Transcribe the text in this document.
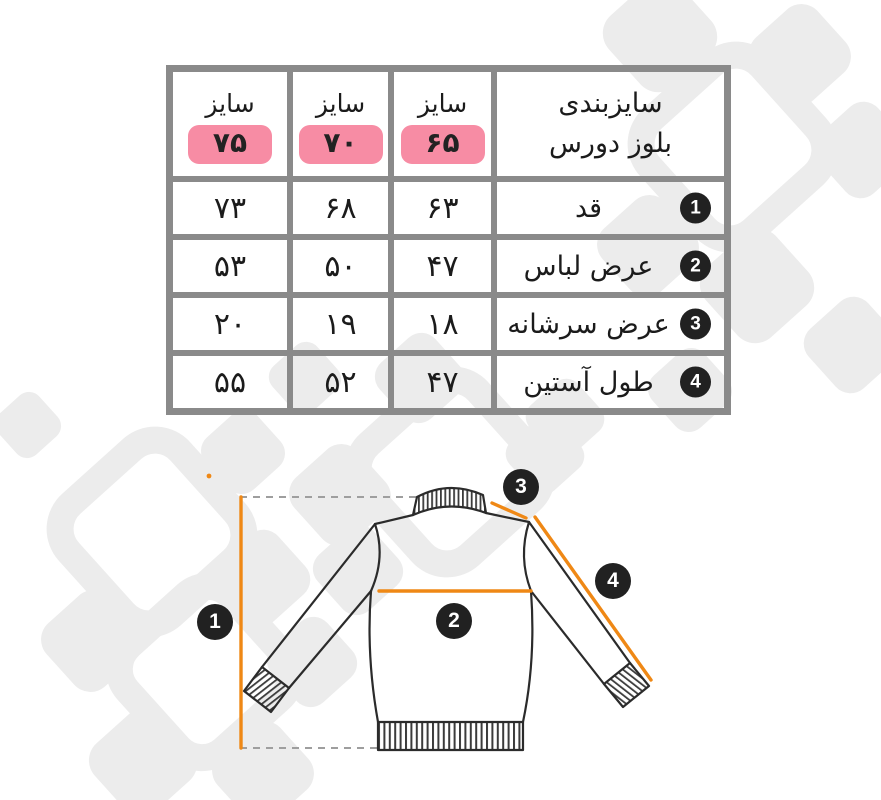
سایزبندی
بلوز دورس
سایز
۶۵
سایز
۷۰
سایز
۷۵
1
قد
۶۳
۶۸
۷۳
2
عرض لباس
۴۷
۵۰
۵۳
3
عرض سرشانه
۱۸
۱۹
۲۰
4
طول آستین
۴۷
۵۲
۵۵
1	2
3
4
